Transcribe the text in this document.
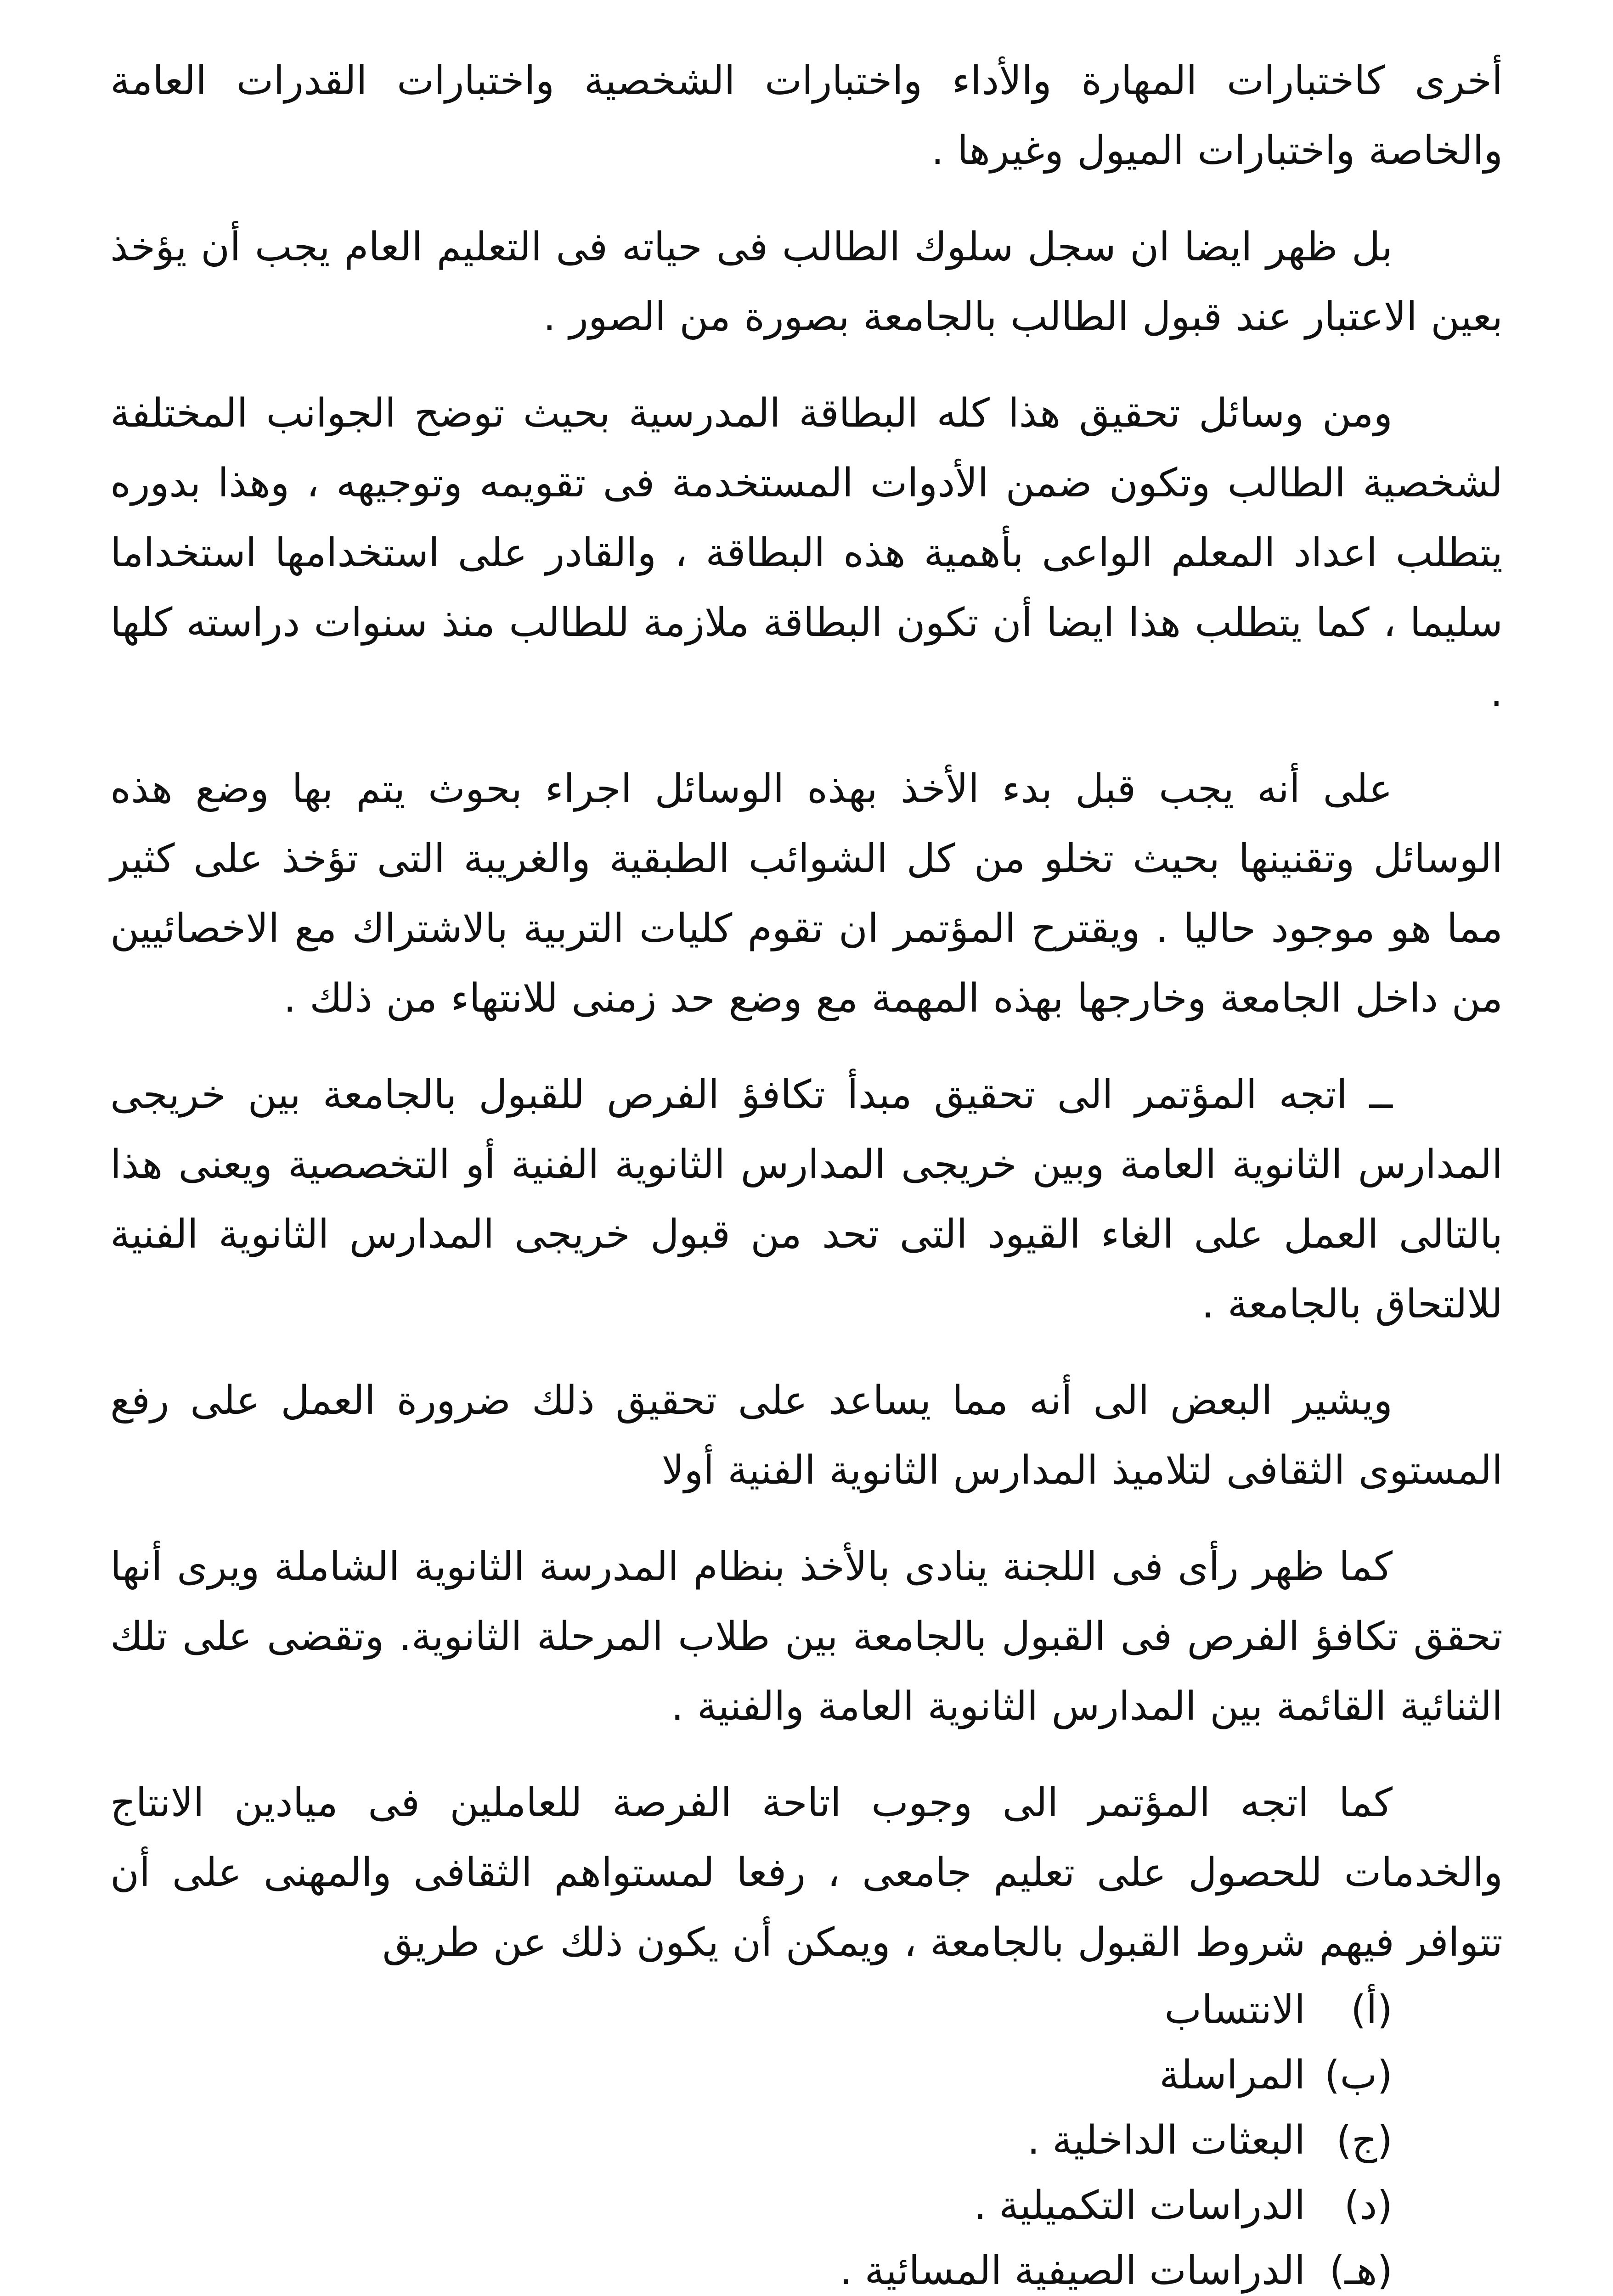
أخرى كاختبارات المهارة والأداء واختبارات الشخصية واختبارات القدرات العامة والخاصة واختبارات الميول وغيرها .

بل ظهر ايضا ان سجل سلوك الطالب فى حياته فى التعليم العام يجب أن يؤخذ بعين الاعتبار عند قبول الطالب بالجامعة بصورة من الصور .

ومن وسائل تحقيق هذا كله البطاقة المدرسية بحيث توضح الجوانب المختلفة لشخصية الطالب وتكون ضمن الأدوات المستخدمة فى تقويمه وتوجيهه ، وهذا بدوره يتطلب اعداد المعلم الواعى بأهمية هذه البطاقة ، والقادر على استخدامها استخداما سليما ، كما يتطلب هذا ايضا أن تكون البطاقة ملازمة للطالب منذ سنوات دراسته كلها .

على أنه يجب قبل بدء الأخذ بهذه الوسائل اجراء بحوث يتم بها وضع هذه الوسائل وتقنينها بحيث تخلو من كل الشوائب الطبقية والغريبة التى تؤخذ على كثير مما هو موجود حاليا . ويقترح المؤتمر ان تقوم كليات التربية بالاشتراك مع الاخصائيين من داخل الجامعة وخارجها بهذه المهمة مع وضع حد زمنى للانتهاء من ذلك .

ــ اتجه المؤتمر الى تحقيق مبدأ تكافؤ الفرص للقبول بالجامعة بين خريجى المدارس الثانوية العامة وبين خريجى المدارس الثانوية الفنية أو التخصصية ويعنى هذا بالتالى العمل على الغاء القيود التى تحد من قبول خريجى المدارس الثانوية الفنية للالتحاق بالجامعة .

ويشير البعض الى أنه مما يساعد على تحقيق ذلك ضرورة العمل على رفع المستوى الثقافى لتلاميذ المدارس الثانوية الفنية أولا

كما ظهر رأى فى اللجنة ينادى بالأخذ بنظام المدرسة الثانوية الشاملة ويرى أنها تحقق تكافؤ الفرص فى القبول بالجامعة بين طلاب المرحلة الثانوية. وتقضى على تلك الثنائية القائمة بين المدارس الثانوية العامة والفنية .

كما اتجه المؤتمر الى وجوب اتاحة الفرصة للعاملين فى ميادين الانتاج والخدمات للحصول على تعليم جامعى ، رفعا لمستواهم الثقافى والمهنى على أن تتوافر فيهم شروط القبول بالجامعة ، ويمكن أن يكون ذلك عن طريق

(أ)
الانتساب
(ب)
المراسلة
(ج)
البعثات الداخلية .
(د)
الدراسات التكميلية .
(هـ)
الدراسات الصيفية المسائية .
